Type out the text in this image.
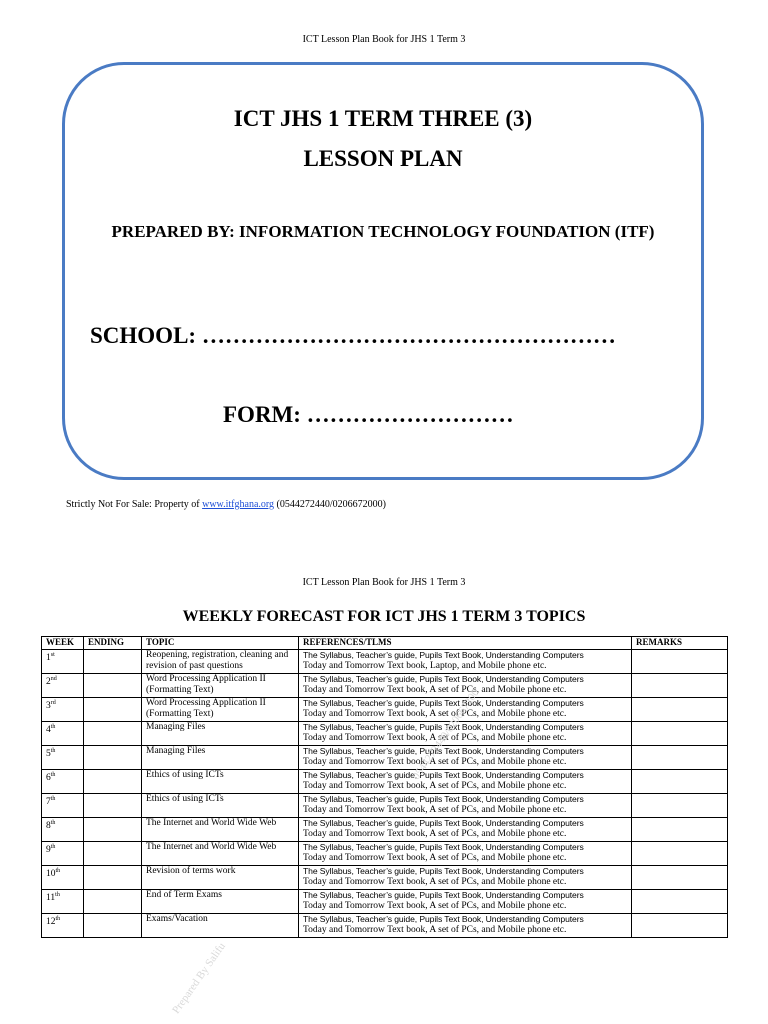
ICT Lesson Plan Book for JHS 1 Term 3
ICT JHS 1 TERM THREE (3)
LESSON PLAN
PREPARED BY: INFORMATION TECHNOLOGY FOUNDATION (ITF)
SCHOOL: ………………………………………………
FORM: ………………………
Strictly Not For Sale: Property of www.itfghana.org (0544272440/0206672000)
ICT Lesson Plan Book for JHS 1 Term 3
WEEKLY FORECAST FOR ICT JHS 1 TERM 3 TOPICS
WEEK	ENDING	TOPIC	REFERENCES/TLMS	REMARKS
1st		Reopening, registration, cleaning and revision of past questions	The Syllabus, Teacher’s guide, Pupils Text Book, Understanding Computers
Today and Tomorrow Text book, Laptop, and Mobile phone etc.	

2nd		Word Processing Application II (Formatting Text)	The Syllabus, Teacher’s guide, Pupils Text Book, Understanding Computers
Today and Tomorrow Text book, A set of PCs, and Mobile phone etc.	

3rd		Word Processing Application II (Formatting Text)	The Syllabus, Teacher’s guide, Pupils Text Book, Understanding Computers
Today and Tomorrow Text book, A set of PCs, and Mobile phone etc.	

4th		Managing Files	The Syllabus, Teacher’s guide, Pupils Text Book, Understanding Computers
Today and Tomorrow Text book, A set of PCs, and Mobile phone etc.	

5th		Managing Files	The Syllabus, Teacher’s guide, Pupils Text Book, Understanding Computers
Today and Tomorrow Text book, A set of PCs, and Mobile phone etc.	

6th		Ethics of using ICTs	The Syllabus, Teacher’s guide, Pupils Text Book, Understanding Computers
Today and Tomorrow Text book, A set of PCs, and Mobile phone etc.	

7th		Ethics of using ICTs	The Syllabus, Teacher’s guide, Pupils Text Book, Understanding Computers
Today and Tomorrow Text book, A set of PCs, and Mobile phone etc.	

8th		The Internet and World Wide Web	The Syllabus, Teacher’s guide, Pupils Text Book, Understanding Computers
Today and Tomorrow Text book, A set of PCs, and Mobile phone etc.	

9th		The Internet and World Wide Web	The Syllabus, Teacher’s guide, Pupils Text Book, Understanding Computers
Today and Tomorrow Text book, A set of PCs, and Mobile phone etc.	

10th		Revision of terms work	The Syllabus, Teacher’s guide, Pupils Text Book, Understanding Computers
Today and Tomorrow Text book, A set of PCs, and Mobile phone etc.	

11th		End of Term Exams	The Syllabus, Teacher’s guide, Pupils Text Book, Understanding Computers
Today and Tomorrow Text book, A set of PCs, and Mobile phone etc.	

12th		Exams/Vacation	The Syllabus, Teacher’s guide, Pupils Text Book, Understanding Computers
Today and Tomorrow Text book, A set of PCs, and Mobile phone etc.	

Prepared By Salifu
0544272440/020667200
